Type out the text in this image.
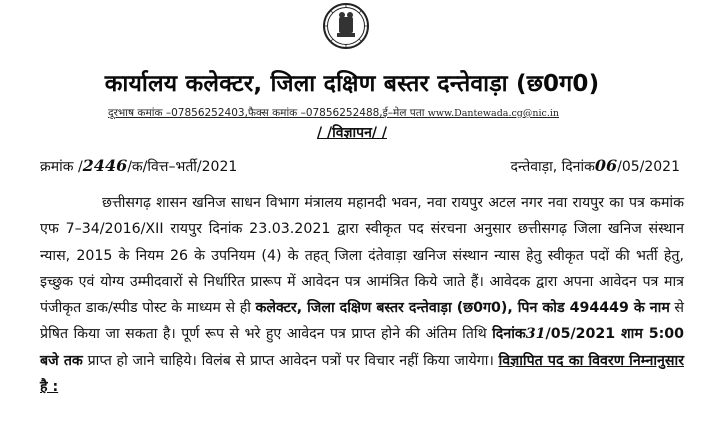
कार्यालय कलेक्टर, जिला दक्षिण बस्तर दन्तेवाड़ा (छ0ग0)
दूरभाष कमांक –07856252403,फैक्स कमांक –07856252488,ई–मेल पता www.Dantewada.cg@nic.in
/ /विज्ञापन/ /
क्रमांक /2446/क/वित्त–भर्ती/2021	दन्तेवाड़ा, दिनांक06/05/2021
छत्तीसगढ़ शासन खनिज साधन विभाग मंत्रालय महानदी भवन, नवा रायपुर अटल नगर नवा रायपुर का पत्र कमांक एफ 7–34/2016/XII रायपुर दिनांक 23.03.2021 द्वारा स्वीकृत पद संरचना अनुसार छत्तीसगढ़ जिला खनिज संस्थान न्यास, 2015 के नियम 26 के उपनियम (4) के तहत् जिला दंतेवाड़ा खनिज संस्थान न्यास हेतु स्वीकृत पदों की भर्ती हेतु, इच्छुक एवं योग्य उम्मीदवारों से निर्धारित प्रारूप में आवेदन पत्र आमंत्रित किये जाते हैं। आवेदक द्वारा अपना आवेदन पत्र मात्र पंजीकृत डाक/स्पीड पोस्ट के माध्यम से ही कलेक्टर, जिला दक्षिण बस्तर दन्तेवाड़ा (छ0ग0), पिन कोड 494449 के नाम से प्रेषित किया जा सकता है। पूर्ण रूप से भरे हुए आवेदन पत्र प्राप्त होने की अंतिम तिथि दिनांक31/05/2021 शाम 5:00 बजे तक प्राप्त हो जाने चाहिये। विलंब से प्राप्त आवेदन पत्रों पर विचार नहीं किया जायेगा। विज्ञापित पद का विवरण निम्नानुसार है :
